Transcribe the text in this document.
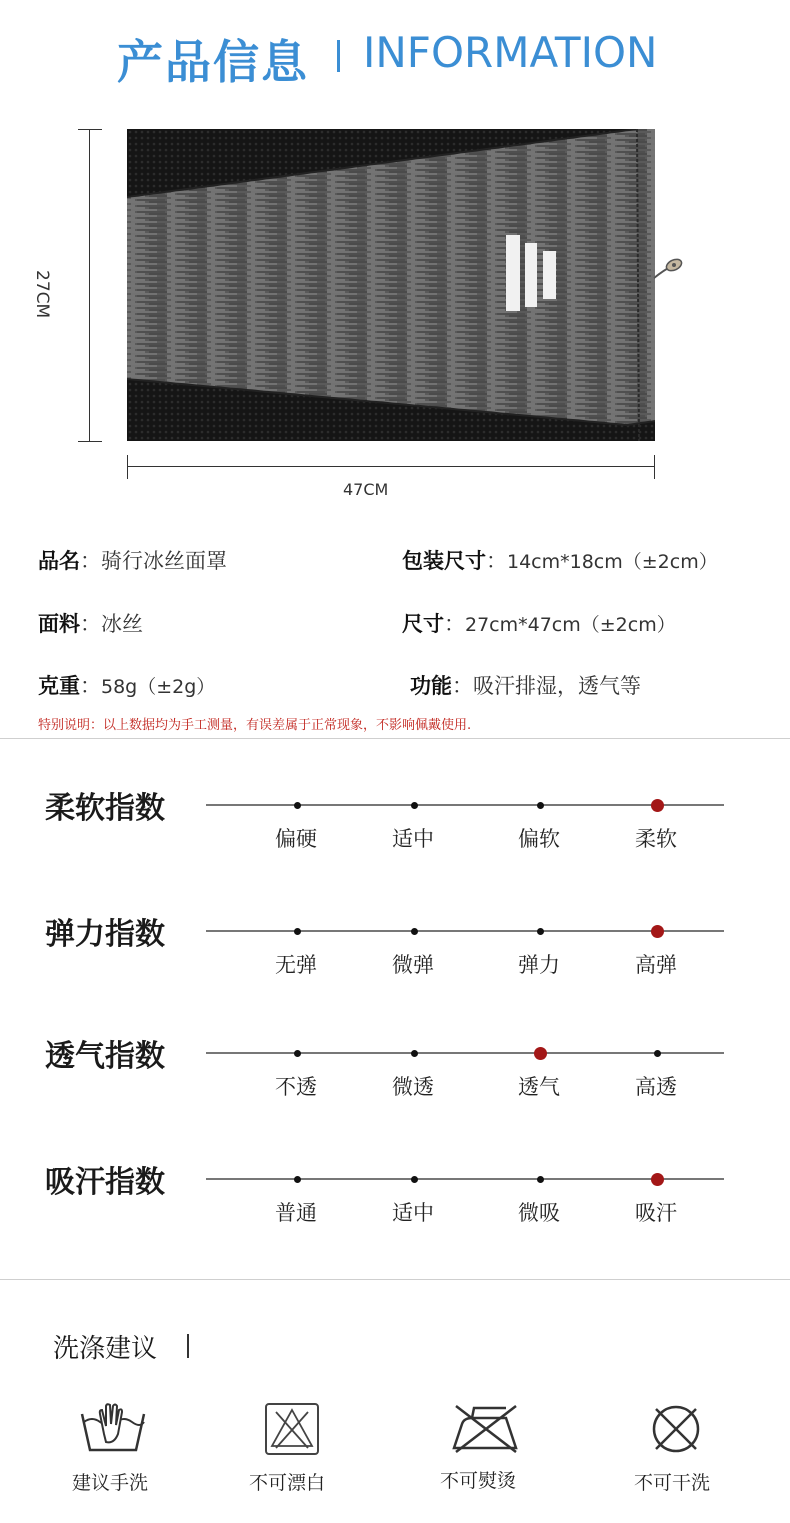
产品信息 INFORMATION
27CM
47CM
品名：骑行冰丝面罩	包装尺寸：14cm*18cm（±2cm）
面料：冰丝	尺寸：27cm*47cm（±2cm）
克重：58g（±2g）	功能：吸汗排湿，透气等
特别说明：以上数据均为手工测量，有误差属于正常现象，不影响佩戴使用.
柔软指数
偏硬	适中	偏软	柔软
弹力指数
无弹	微弹	弹力	高弹
透气指数
不透	微透	透气	高透
吸汗指数
普通	适中	微吸	吸汗
洗涤建议
建议手洗	不可漂白	不可熨烫	不可干洗
